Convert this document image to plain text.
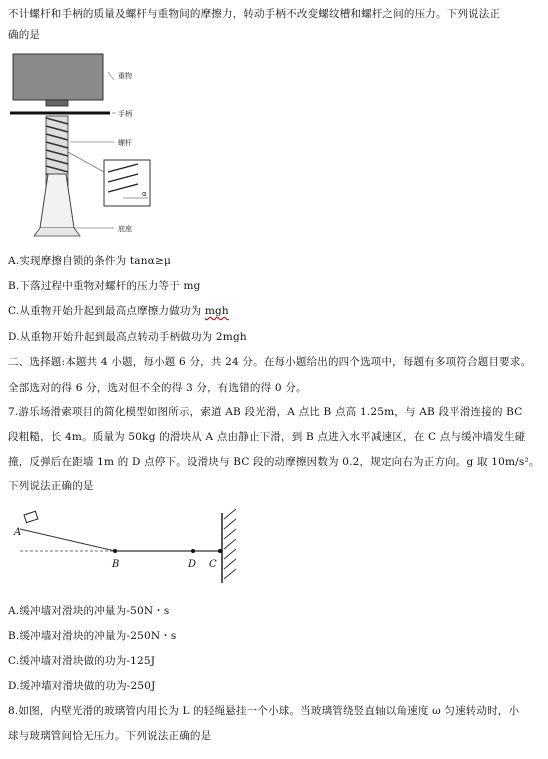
不计螺杆和手柄的质量及螺杆与重物间的摩擦力，转动手柄不改变螺纹槽和螺杆之间的压力。下列说法正
确的是
重物
手柄
螺杆
α
底座
A.实现摩擦自锁的条件为 tanα≥μ
B.下落过程中重物对螺杆的压力等于 mg
C.从重物开始升起到最高点摩擦力做功为 mgh
D.从重物开始升起到最高点转动手柄做功为 2mgh
二、选择题:本题共 4 小题，每小题 6 分，共 24 分。在每小题给出的四个选项中，每题有多项符合题目要求。
全部选对的得 6 分，选对但不全的得 3 分，有选错的得 0 分。
7.游乐场滑索项目的简化模型如图所示，索道 AB 段光滑，A 点比 B 点高 1.25m，与 AB 段平滑连接的 BC
段粗糙，长 4m。质量为 50kg 的滑块从 A 点由静止下滑，到 B 点进入水平减速区，在 C 点与缓冲墙发生碰
撞，反弹后在距墙 1m 的 D 点停下。设滑块与 BC 段的动摩擦因数为 0.2，规定向右为正方向。g 取 10m/s²。
下列说法正确的是
A
B	D C
A.缓冲墙对滑块的冲量为-50N・s
B.缓冲墙对滑块的冲量为-250N・s
C.缓冲墙对滑块做的功为-125J
D.缓冲墙对滑块做的功为-250J
8.如图，内壁光滑的玻璃管内用长为 L 的轻绳悬挂一个小球。当玻璃管绕竖直轴以角速度 ω 匀速转动时，小
球与玻璃管间恰无压力。下列说法正确的是
